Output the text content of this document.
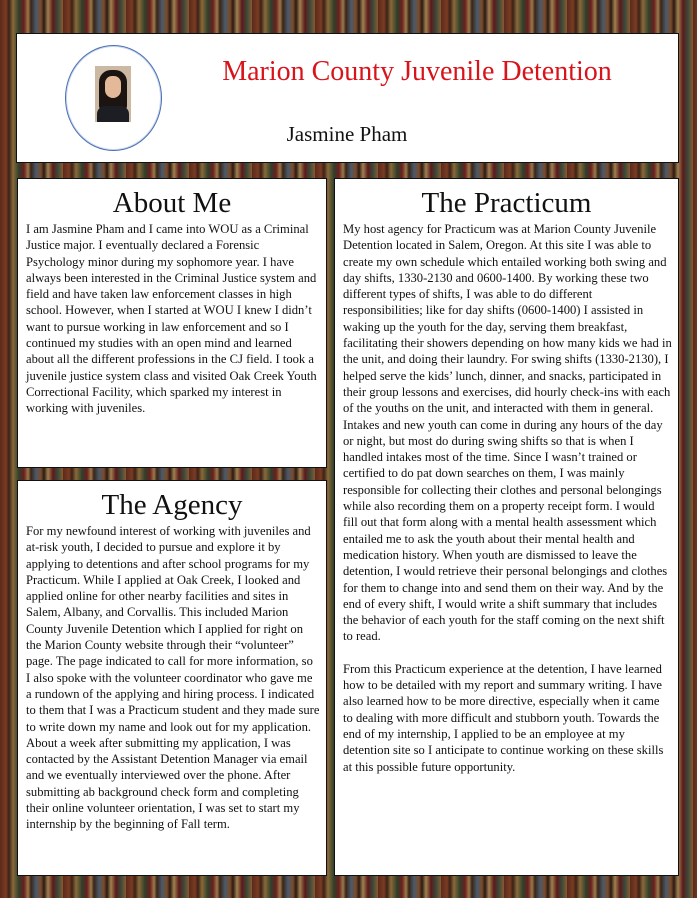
Marion County Juvenile Detention
Jasmine Pham
About Me

I am Jasmine Pham and I came into WOU as a Criminal Justice major. I eventually declared a Forensic Psychology minor during my sophomore year. I have always been interested in the Criminal Justice system and field and have taken law enforcement classes in high school. However, when I started at WOU I knew I didn’t want to pursue working in law enforcement and so I continued my studies with an open mind and learned about all the different professions in the CJ field. I took a juvenile justice system class and visited Oak Creek Youth Correctional Facility, which sparked my interest in working with juveniles.

The Agency

For my newfound interest of working with juveniles and at-risk youth, I decided to pursue and explore it by applying to detentions and after school programs for my Practicum. While I applied at Oak Creek, I looked and applied online for other nearby facilities and sites in Salem, Albany, and Corvallis. This included Marion County Juvenile Detention which I applied for right on the Marion County website through their “volunteer” page. The page indicated to call for more information, so I also spoke with the volunteer coordinator who gave me a rundown of the applying and hiring process. I indicated to them that I was a Practicum student and they made sure to write down my name and look out for my application. About a week after submitting my application, I was contacted by the Assistant Detention Manager via email and we eventually interviewed over the phone. After submitting ab background check form and completing their online volunteer orientation, I was set to start my internship by the beginning of Fall term.

The Practicum

My host agency for Practicum was at Marion County Juvenile Detention located in Salem, Oregon. At this site I was able to create my own schedule which entailed working both swing and day shifts, 1330-2130 and 0600-1400. By working these two different types of shifts, I was able to do different responsibilities; like for day shifts (0600-1400) I assisted in waking up the youth for the day, serving them breakfast, facilitating their showers depending on how many kids we had in the unit, and doing their laundry. For swing shifts (1330-2130), I helped serve the kids’ lunch, dinner, and snacks, participated in their group lessons and exercises, did hourly check-ins with each of the youths on the unit, and interacted with them in general. Intakes and new youth can come in during any hours of the day or night, but most do during swing shifts so that is when I handled intakes most of the time. Since I wasn’t trained or certified to do pat down searches on them, I was mainly responsible for collecting their clothes and personal belongings while also recording them on a property receipt form. I would fill out that form along with a mental health assessment which entailed me to ask the youth about their mental health and medication history. When youth are dismissed to leave the detention, I would retrieve their personal belongings and clothes for them to change into and send them on their way. And by the end of every shift, I would write a shift summary that includes the behavior of each youth for the staff coming on the next shift to read.

From this Practicum experience at the detention, I have learned how to be detailed with my report and summary writing. I have also learned how to be more directive, especially when it came to dealing with more difficult and stubborn youth. Towards the end of my internship, I applied to be an employee at my detention site so I anticipate to continue working on these skills at this possible future opportunity.
